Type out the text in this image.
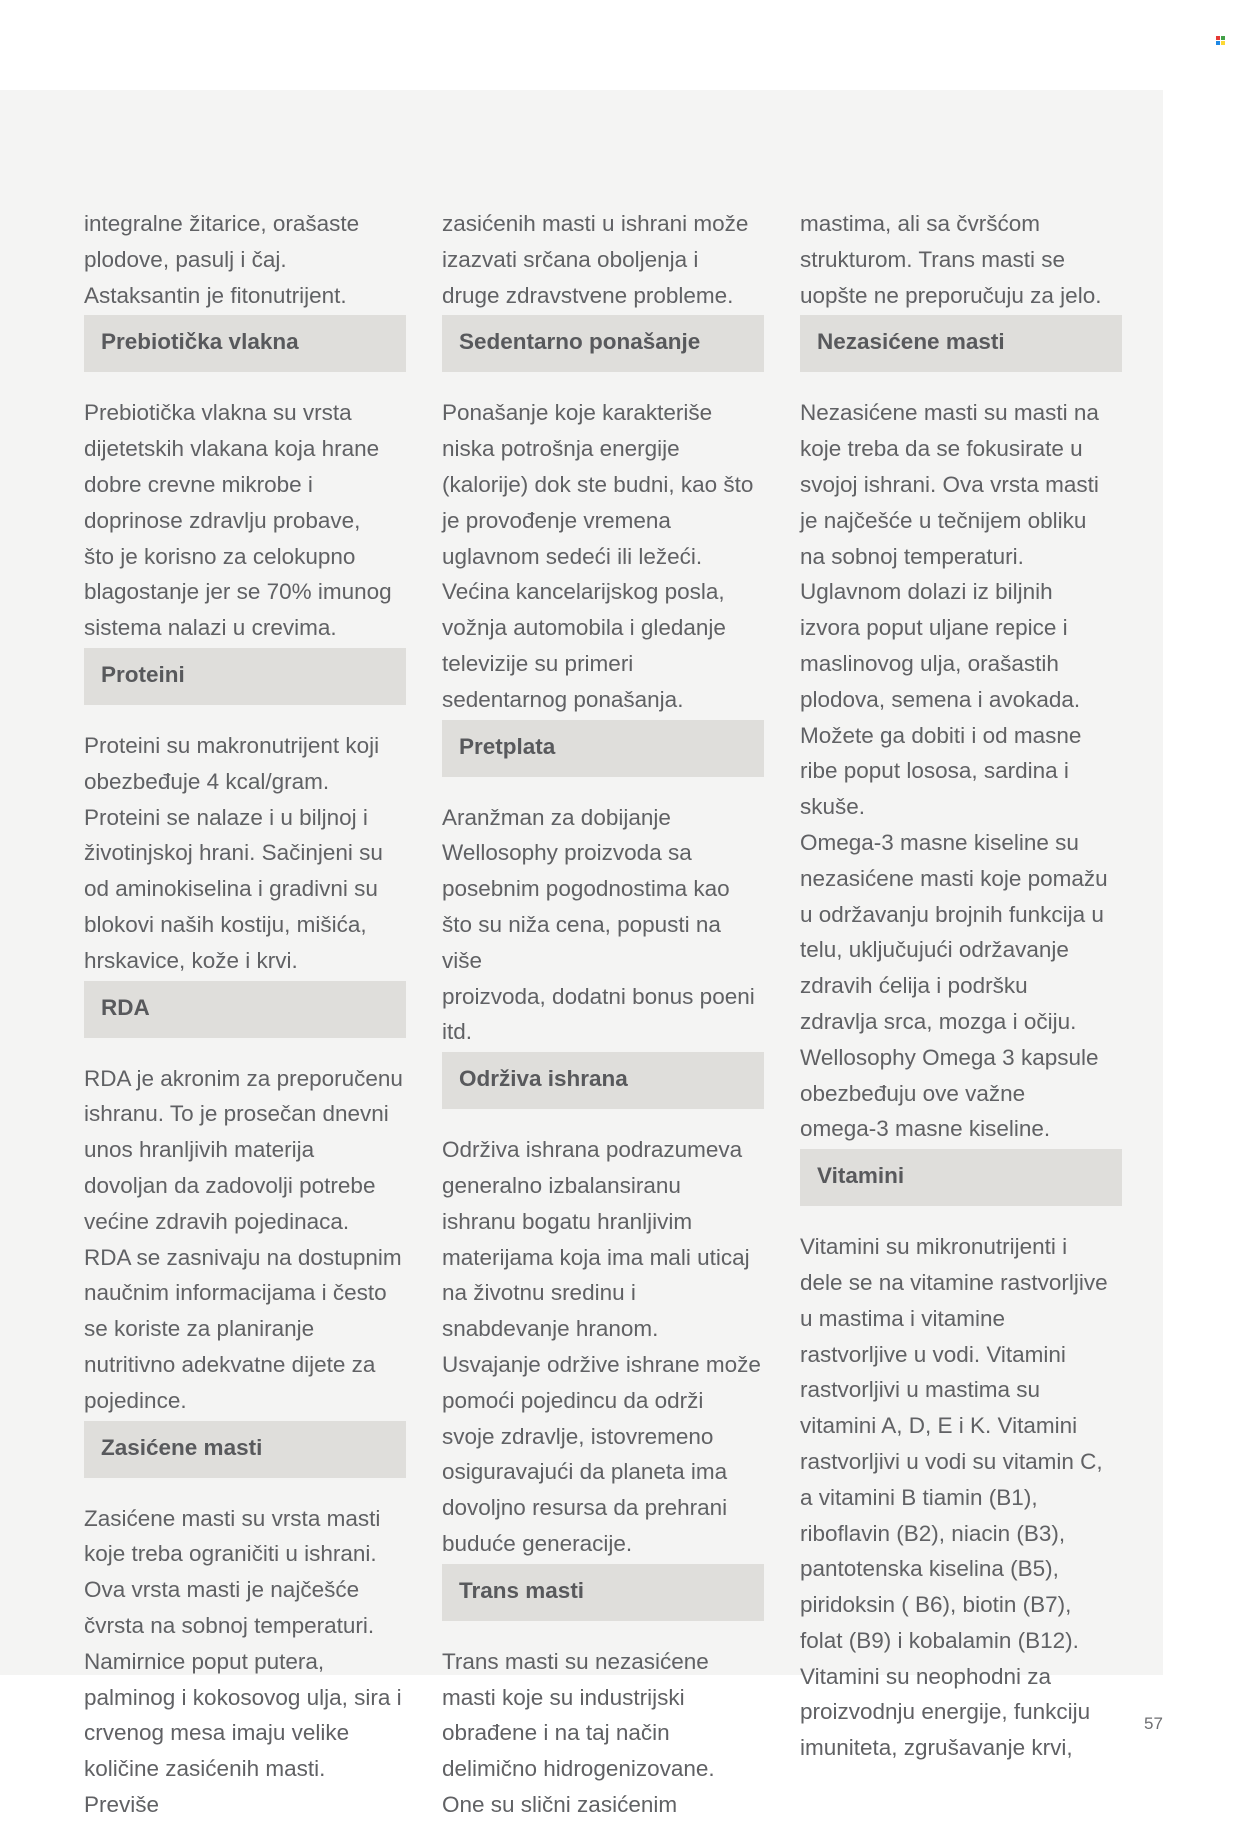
integralne žitarice, orašaste
plodove, pasulj i čaj.
Astaksantin je fitonutrijent.

Prebiotička vlakna

Prebiotička vlakna su vrsta
dijetetskih vlakana koja hrane
dobre crevne mikrobe i
doprinose zdravlju probave,
što je korisno za celokupno
blagostanje jer se 70% imunog
sistema nalazi u crevima.

Proteini

Proteini su makronutrijent koji
obezbeđuje 4 kcal/gram.
Proteini se nalaze i u biljnoj i
životinjskoj hrani. Sačinjeni su
od aminokiselina i gradivni su
blokovi naših kostiju, mišića,
hrskavice, kože i krvi.

RDA

RDA je akronim za preporučenu
ishranu. To je prosečan dnevni
unos hranljivih materija
dovoljan da zadovolji potrebe
većine zdravih pojedinaca.
RDA se zasnivaju na dostupnim
naučnim informacijama i često
se koriste za planiranje
nutritivno adekvatne dijete za
pojedince.

Zasićene masti

Zasićene masti su vrsta masti
koje treba ograničiti u ishrani.
Ova vrsta masti je najčešće
čvrsta na sobnoj temperaturi.
Namirnice poput putera,
palminog i kokosovog ulja, sira i
crvenog mesa imaju velike
količine zasićenih masti. Previše

zasićenih masti u ishrani može
izazvati srčana oboljenja i
druge zdravstvene probleme.

Sedentarno ponašanje

Ponašanje koje karakteriše
niska potrošnja energije
(kalorije) dok ste budni, kao što
je provođenje vremena
uglavnom sedeći ili ležeći.
Većina kancelarijskog posla,
vožnja automobila i gledanje
televizije su primeri
sedentarnog ponašanja.

Pretplata

Aranžman za dobijanje
Wellosophy proizvoda sa
posebnim pogodnostima kao
što su niža cena, popusti na više
proizvoda, dodatni bonus poeni
itd.

Održiva ishrana

Održiva ishrana podrazumeva
generalno izbalansiranu
ishranu bogatu hranljivim
materijama koja ima mali uticaj
na životnu sredinu i
snabdevanje hranom.
Usvajanje održive ishrane može
pomoći pojedincu da održi
svoje zdravlje, istovremeno
osiguravajući da planeta ima
dovoljno resursa da prehrani
buduće generacije.

Trans masti

Trans masti su nezasićene
masti koje su industrijski
obrađene i na taj način
delimično hidrogenizovane.
One su slični zasićenim

mastima, ali sa čvršćom
strukturom. Trans masti se
uopšte ne preporučuju za jelo.

Nezasićene masti

Nezasićene masti su masti na
koje treba da se fokusirate u
svojoj ishrani. Ova vrsta masti
je najčešće u tečnijem obliku
na sobnoj temperaturi.
Uglavnom dolazi iz biljnih
izvora poput uljane repice i
maslinovog ulja, orašastih
plodova, semena i avokada.
Možete ga dobiti i od masne
ribe poput lososa, sardina i
skuše.
Omega-3 masne kiseline su
nezasićene masti koje pomažu
u održavanju brojnih funkcija u
telu, uključujući održavanje
zdravih ćelija i podršku
zdravlja srca, mozga i očiju.
Wellosophy Omega 3 kapsule
obezbeđuju ove važne
omega-3 masne kiseline.

Vitamini

Vitamini su mikronutrijenti i
dele se na vitamine rastvorljive
u mastima i vitamine
rastvorljive u vodi. Vitamini
rastvorljivi u mastima su
vitamini A, D, E i K. Vitamini
rastvorljivi u vodi su vitamin C,
a vitamini B tiamin (B1),
riboflavin (B2), niacin (B3),
pantotenska kiselina (B5),
piridoksin ( B6), biotin (B7),
folat (B9) i kobalamin (B12).
Vitamini su neophodni za
proizvodnju energije, funkciju
imuniteta, zgrušavanje krvi,

57
